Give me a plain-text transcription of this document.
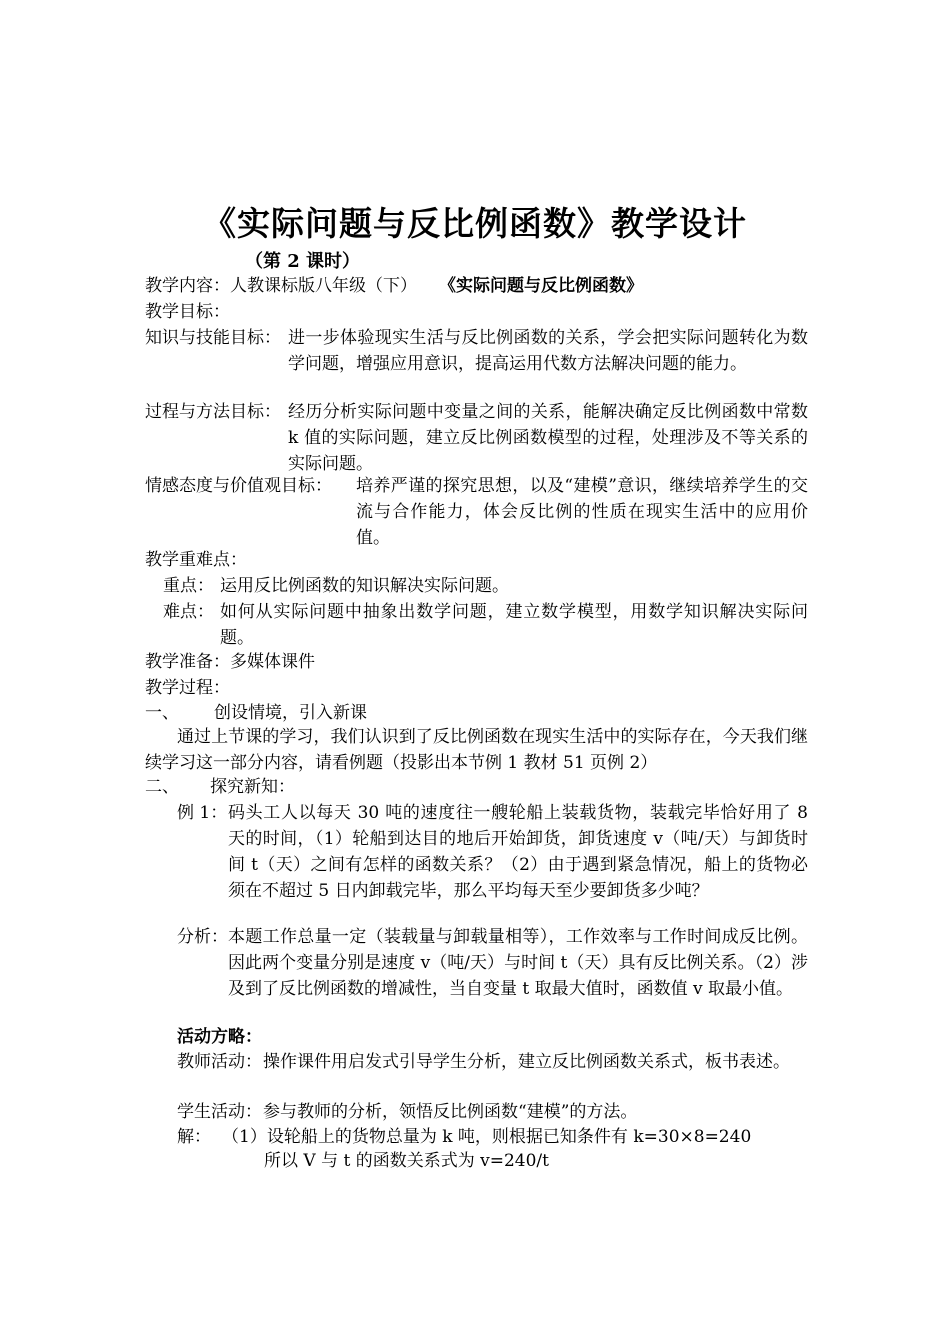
《实际问题与反比例函数》教学设计
（第 2 课时）
教学内容：人教课标版八年级（下） 《实际问题与反比例函数》
教学目标：
知识与技能目标： 进一步体验现实生活与反比例函数的关系，学会把实际问题转化为数学问题，增强应用意识，提高运用代数方法解决问题的能力。
过程与方法目标： 经历分析实际问题中变量之间的关系，能解决确定反比例函数中常数 k 值的实际问题，建立反比例函数模型的过程，处理涉及不等关系的实际问题。
情感态度与价值观目标： 培养严谨的探究思想，以及“建模”意识，继续培养学生的交流与合作能力，体会反比例的性质在现实生活中的应用价值。
教学重难点：
重点： 运用反比例函数的知识解决实际问题。
难点： 如何从实际问题中抽象出数学问题，建立数学模型，用数学知识解决实际问题。
教学准备：多媒体课件
教学过程：
一、 创设情境，引入新课
通过上节课的学习，我们认识到了反比例函数在现实生活中的实际存在，今天我们继续学习这一部分内容，请看例题（投影出本节例 1 教材 51 页例 2）
二、 探究新知：
例 1： 码头工人以每天 30 吨的速度往一艘轮船上装载货物，装载完毕恰好用了 8 天的时间，（1）轮船到达目的地后开始卸货，卸货速度 v（吨/天）与卸货时间 t（天）之间有怎样的函数关系？（2）由于遇到紧急情况，船上的货物必须在不超过 5 日内卸载完毕，那么平均每天至少要卸货多少吨？
分析： 本题工作总量一定（装载量与卸载量相等），工作效率与工作时间成反比例。因此两个变量分别是速度 v（吨/天）与时间 t（天）具有反比例关系。（2）涉及到了反比例函数的增减性，当自变量 t 取最大值时，函数值 v 取最小值。
活动方略：
教师活动： 操作课件用启发式引导学生分析，建立反比例函数关系式，板书表述。
学生活动： 参与教师的分析，领悟反比例函数“建模”的方法。
解： （1）设轮船上的货物总量为 k 吨，则根据已知条件有 k=30×8=240
所以 V 与 t 的函数关系式为 v=240/t
